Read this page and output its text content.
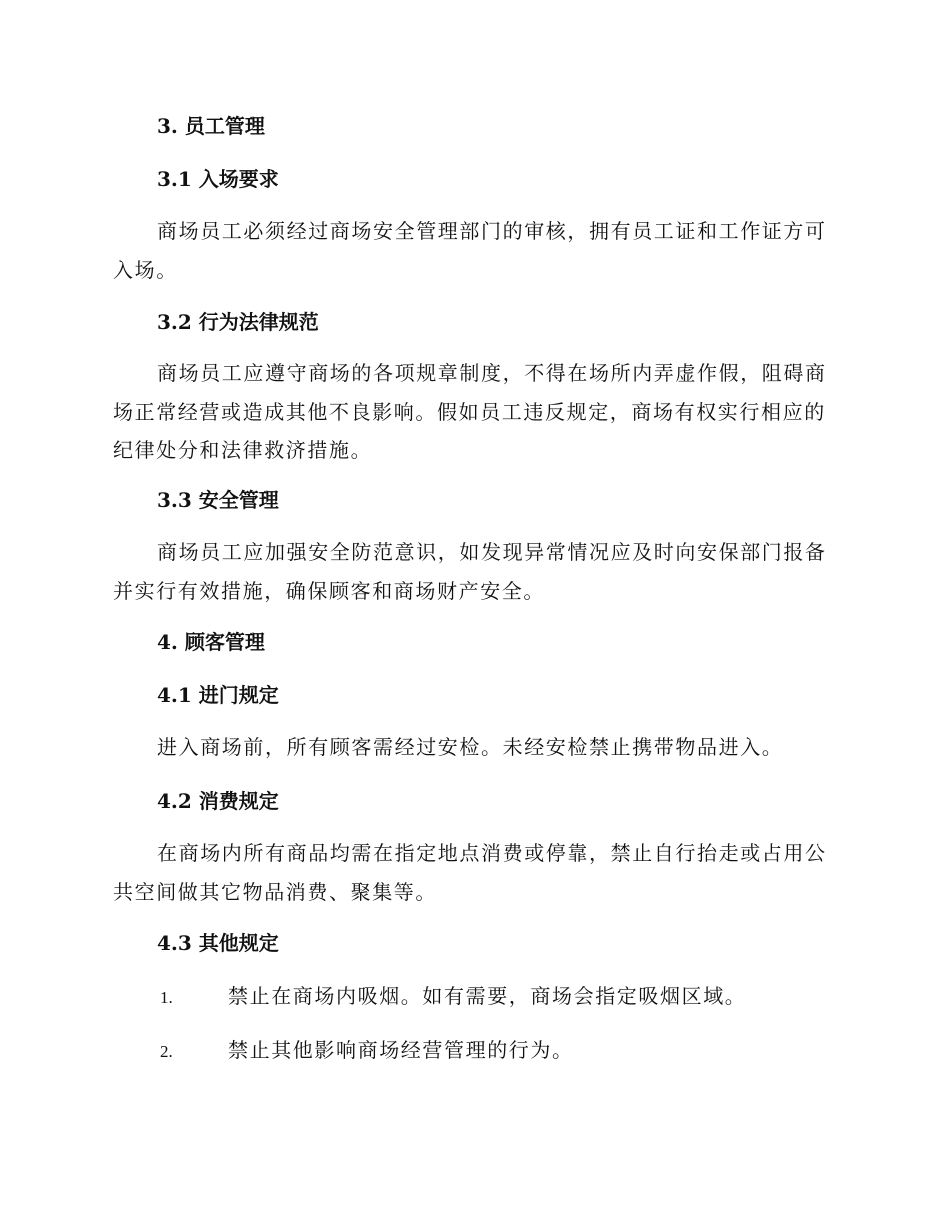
3. 员工管理
3.1 入场要求
商场员工必须经过商场安全管理部门的审核，拥有员工证和工作证方可入场。
3.2 行为法律规范
商场员工应遵守商场的各项规章制度，不得在场所内弄虚作假，阻碍商场正常经营或造成其他不良影响。假如员工违反规定，商场有权实行相应的纪律处分和法律救济措施。
3.3 安全管理
商场员工应加强安全防范意识，如发现异常情况应及时向安保部门报备并实行有效措施，确保顾客和商场财产安全。
4. 顾客管理
4.1 进门规定
进入商场前，所有顾客需经过安检。未经安检禁止携带物品进入。
4.2 消费规定
在商场内所有商品均需在指定地点消费或停靠，禁止自行抬走或占用公共空间做其它物品消费、聚集等。
4.3 其他规定
1.	禁止在商场内吸烟。如有需要，商场会指定吸烟区域。
2.	禁止其他影响商场经营管理的行为。
